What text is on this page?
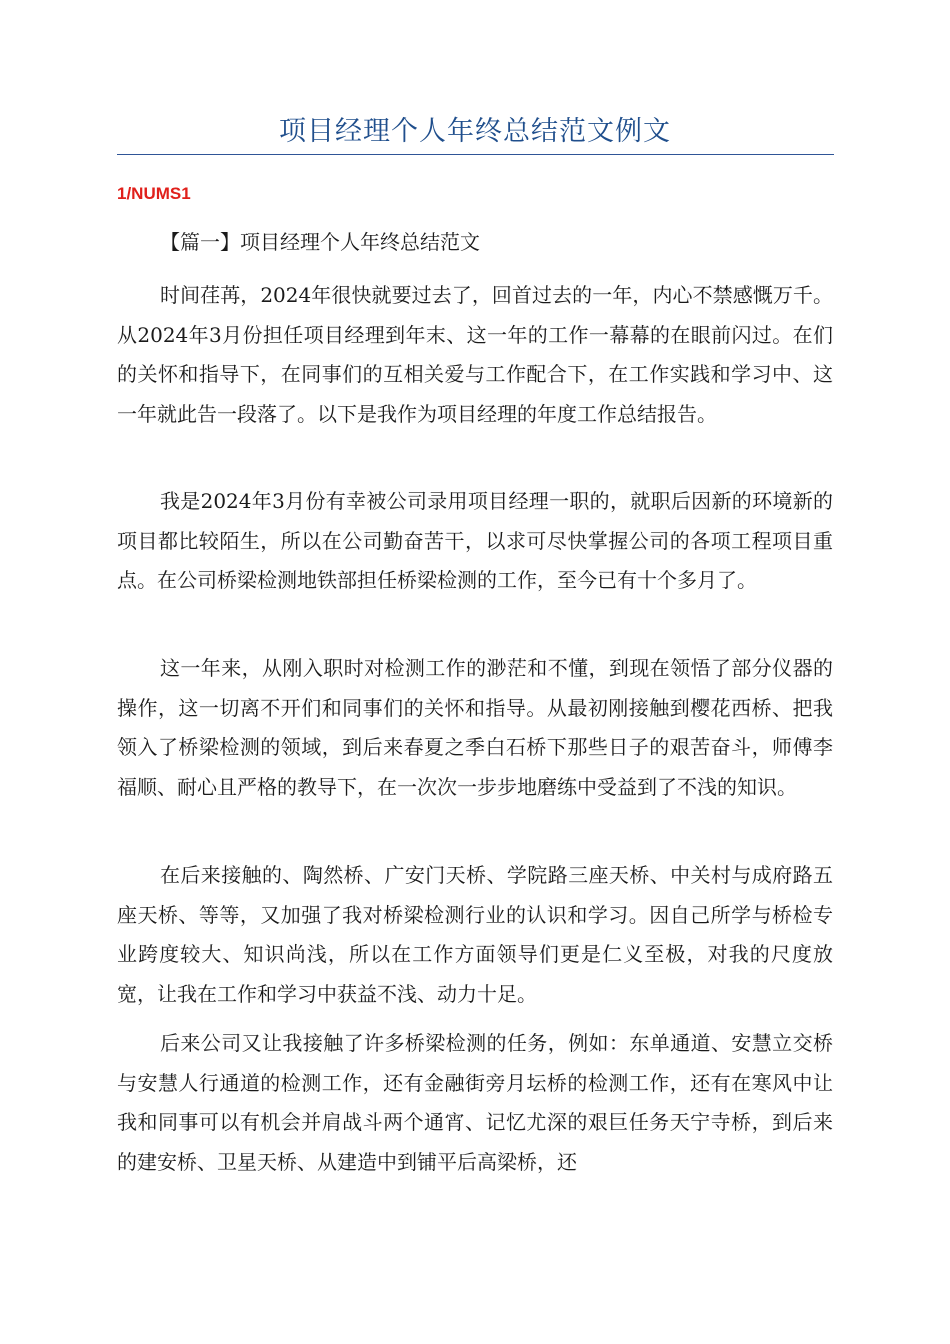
项目经理个人年终总结范文例文
1/NUMS1
【篇一】项目经理个人年终总结范文

时间荏苒，2024年很快就要过去了，回首过去的一年，内心不禁感慨万千。从2024年3月份担任项目经理到年末、这一年的工作一幕幕的在眼前闪过。在们的关怀和指导下，在同事们的互相关爱与工作配合下，在工作实践和学习中、这一年就此告一段落了。以下是我作为项目经理的年度工作总结报告。

我是2024年3月份有幸被公司录用项目经理一职的，就职后因新的环境新的项目都比较陌生，所以在公司勤奋苦干，以求可尽快掌握公司的各项工程项目重点。在公司桥梁检测地铁部担任桥梁检测的工作，至今已有十个多月了。

这一年来，从刚入职时对检测工作的渺茫和不懂，到现在领悟了部分仪器的操作，这一切离不开们和同事们的关怀和指导。从最初刚接触到樱花西桥、把我领入了桥梁检测的领域，到后来春夏之季白石桥下那些日子的艰苦奋斗，师傅李福顺、耐心且严格的教导下，在一次次一步步地磨练中受益到了不浅的知识。

在后来接触的、陶然桥、广安门天桥、学院路三座天桥、中关村与成府路五座天桥、等等，又加强了我对桥梁检测行业的认识和学习。因自己所学与桥检专业跨度较大、知识尚浅，所以在工作方面领导们更是仁义至极，对我的尺度放宽，让我在工作和学习中获益不浅、动力十足。

后来公司又让我接触了许多桥梁检测的任务，例如：东单通道、安慧立交桥与安慧人行通道的检测工作，还有金融街旁月坛桥的检测工作，还有在寒风中让我和同事可以有机会并肩战斗两个通宵、记忆尤深的艰巨任务天宁寺桥，到后来的建安桥、卫星天桥、从建造中到铺平后高梁桥，还
